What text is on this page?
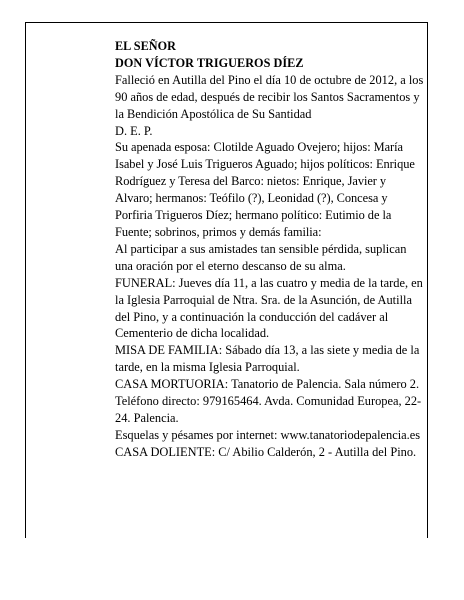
EL SEÑOR

DON VÍCTOR TRIGUEROS DÍEZ

Falleció en Autilla del Pino el día 10 de octubre de 2012, a los 90 años de edad, después de recibir los Santos Sacramentos y la Bendición Apostólica de Su Santidad

D. E. P.

Su apenada esposa: Clotilde Aguado Ovejero; hijos: María Isabel y José Luis Trigueros Aguado; hijos políticos: Enrique Rodríguez y Teresa del Barco: nietos: Enrique, Javier y Alvaro; hermanos: Teófilo (?), Leonidad (?), Concesa y Porfiria Trigueros Díez; hermano político: Eutimio de la Fuente; sobrinos, primos y demás familia:

Al participar a sus amistades tan sensible pérdida, suplican una oración por el eterno descanso de su alma.

FUNERAL: Jueves día 11, a las cuatro y media de la tarde, en la Iglesia Parroquial de Ntra. Sra. de la Asunción, de Autilla del Pino, y a continuación la conducción del cadáver al Cementerio de dicha localidad.

MISA DE FAMILIA: Sábado día 13, a las siete y media de la tarde, en la misma Iglesia Parroquial.

CASA MORTUORIA: Tanatorio de Palencia. Sala número 2. Teléfono directo: 979165464. Avda. Comunidad Europea, 22-24. Palencia.

Esquelas y pésames por internet: www.tanatoriodepalencia.es

CASA DOLIENTE: C/ Abilio Calderón, 2 - Autilla del Pino.
